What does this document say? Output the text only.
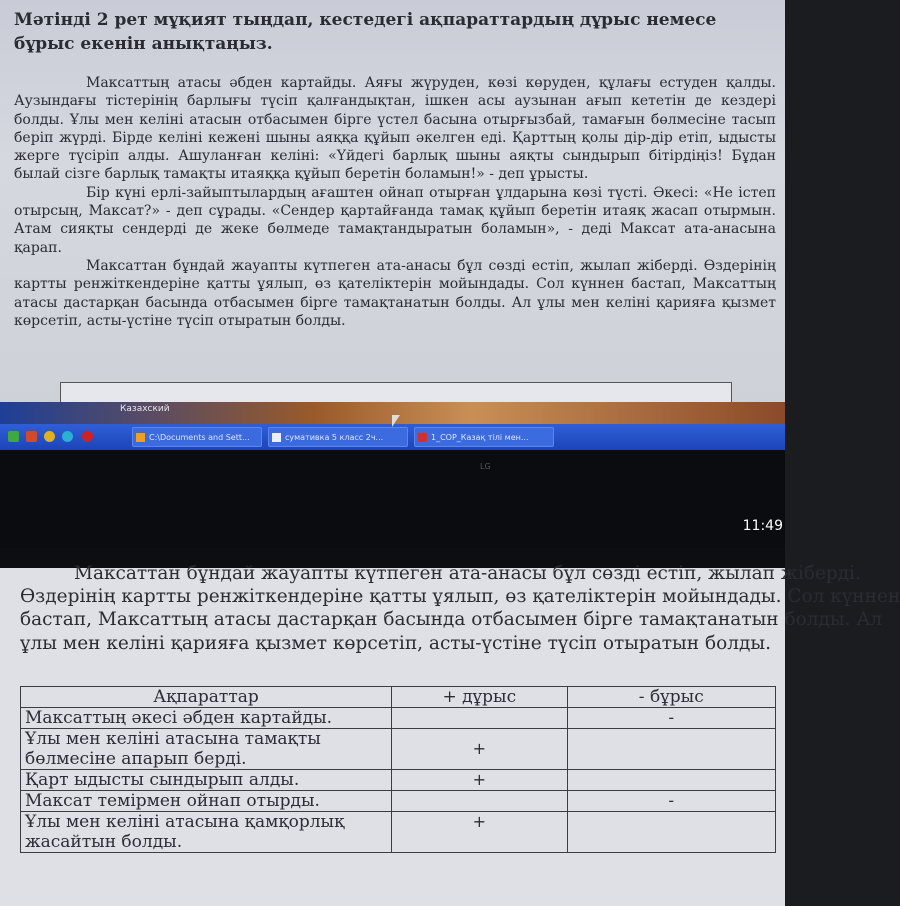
Мәтінді 2 рет мұқият тыңдап, кестедегі ақпараттардың дұрыс немесе бұрыс екенін анықтаңыз.

Максаттың атасы әбден картайды. Аяғы жүруден, көзі көруден, құлағы естуден қалды. Аузындағы тістерінің барлығы түсіп қалғандықтан, ішкен асы аузынан ағып кететін де кездері болды. Ұлы мен келіні атасын отбасымен бірге үстел басына отырғызбай, тамағын бөлмесіне тасып беріп жүрді. Бірде келіні кеженi шыны аяққа құйып әкелген еді. Қарттың қолы дір-дір етіп, ыдысты жерге түсіріп алды. Ашуланған келіні: «Үйдегі барлық шыны аяқты сындырып бітірдіңіз! Бұдан былай сізге барлық тамақты итаяққа құйып беретін боламын!» - деп ұрысты.

Бір күні ерлі-зайыптылардың ағаштен ойнап отырған ұлдарына көзі түсті. Әкесі: «Не істеп отырсың, Максат?» - деп сұрады. «Сендер қартайғанда тамақ құйып беретін итаяқ жасап отырмын. Атам сияқты сендерді де жеке бөлмеде тамақтандыратын боламын», - деді Максат ата-анасына қарап.

Максаттан бұндай жауапты күтпеген ата-анасы бұл сөзді естіп, жылап жіберді. Өздерінің картты ренжіткендеріне қатты ұялып, өз қателіктерін мойындады. Сол күннен бастап, Максаттың атасы дастарқан басында отбасымен бірге тамақтанатын болды. Ал ұлы мен келіні қарияға қызмет көрсетіп, асты-үстіне түсіп отыратын болды.

Казахский
C:\Documents and Sett...	сумативка 5 класс 2ч...	1_СОР_Казақ тілі мен...
LG
11:49

Максаттан бұндай жауапты күтпеген ата-анасы бұл сөзді естіп, жылап жіберді.

Өздерінің картты ренжіткендеріне қатты ұялып, өз қателіктерін мойындады. Сол күннен

бастап, Максаттың атасы дастарқан басында отбасымен бірге тамақтанатын болды. Ал

ұлы мен келіні қарияға қызмет көрсетіп, асты-үстіне түсіп отыратын болды.

Ақпараттар	+ дұрыс	- бұрыс
Максаттың әкесі әбден картайды.		-
Ұлы мен келіні атасына тамақты бөлмесіне апарып берді.	+	
Қарт ыдысты сындырып алды.	+	
Максат темірмен ойнап отырды.		-
Ұлы мен келіні атасына қамқорлық жасайтын болды.	+	
